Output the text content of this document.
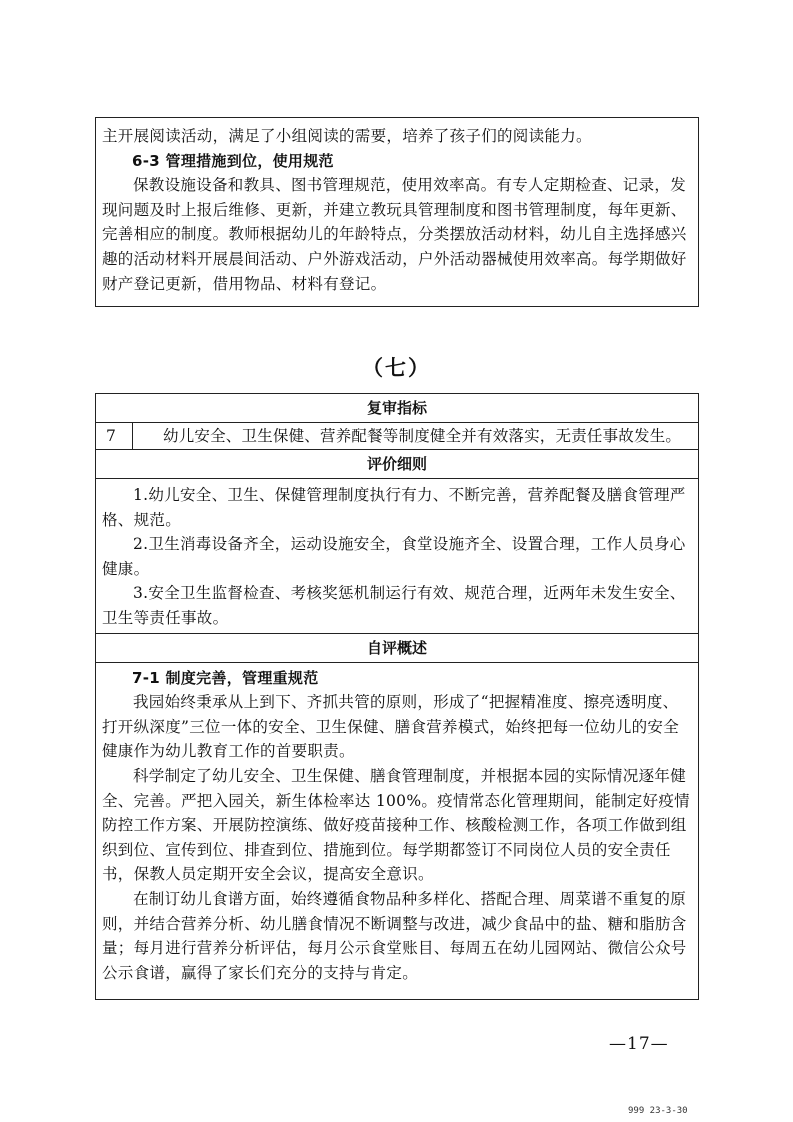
主开展阅读活动，满足了小组阅读的需要，培养了孩子们的阅读能力。

6-3 管理措施到位，使用规范

保教设施设备和教具、图书管理规范，使用效率高。有专人定期检查、记录，发现问题及时上报后维修、更新，并建立教玩具管理制度和图书管理制度，每年更新、完善相应的制度。教师根据幼儿的年龄特点，分类摆放活动材料，幼儿自主选择感兴趣的活动材料开展晨间活动、户外游戏活动，户外活动器械使用效率高。每学期做好财产登记更新，借用物品、材料有登记。

（七）
复审指标
7	幼儿安全、卫生保健、营养配餐等制度健全并有效落实，无责任事故发生。
评价细则

1.幼儿安全、卫生、保健管理制度执行有力、不断完善，营养配餐及膳食管理严格、规范。

2.卫生消毒设备齐全，运动设施安全，食堂设施齐全、设置合理，工作人员身心健康。

3.安全卫生监督检查、考核奖惩机制运行有效、规范合理，近两年未发生安全、卫生等责任事故。

自评概述

7-1 制度完善，管理重规范

我园始终秉承从上到下、齐抓共管的原则，形成了“把握精准度、擦亮透明度、打开纵深度”三位一体的安全、卫生保健、膳食营养模式，始终把每一位幼儿的安全健康作为幼儿教育工作的首要职责。

科学制定了幼儿安全、卫生保健、膳食管理制度，并根据本园的实际情况逐年健全、完善。严把入园关，新生体检率达 100%。疫情常态化管理期间，能制定好疫情防控工作方案、开展防控演练、做好疫苗接种工作、核酸检测工作，各项工作做到组织到位、宣传到位、排查到位、措施到位。每学期都签订不同岗位人员的安全责任书，保教人员定期开安全会议，提高安全意识。

在制订幼儿食谱方面，始终遵循食物品种多样化、搭配合理、周菜谱不重复的原则，并结合营养分析、幼儿膳食情况不断调整与改进，减少食品中的盐、糖和脂肪含量；每月进行营养分析评估，每月公示食堂账目、每周五在幼儿园网站、微信公众号公示食谱，赢得了家长们充分的支持与肯定。

—17—
999 23-3-30
